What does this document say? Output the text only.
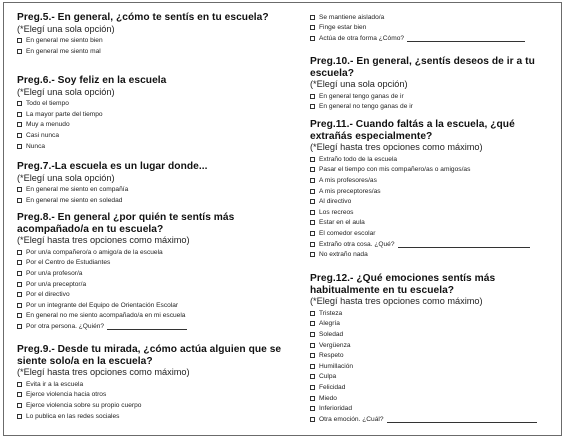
Preg.5.- En general, ¿cómo te sentís en tu escuela?

(*Elegí una sola opción)

En general me siento bien
En general me siento mal

Preg.6.- Soy feliz en la escuela

(*Elegí una sola opción)

Todo el tiempo
La mayor parte del tiempo
Muy a menudo
Casi nunca
Nunca

Preg.7.-La escuela es un lugar donde...

(*Elegí una sola opción)

En general me siento en compañía
En general me siento en soledad

Preg.8.- En general ¿por quién te sentís más acompañado/a en tu escuela?

(*Elegí hasta tres opciones como máximo)

Por un/a compañero/a o amigo/a de la escuela
Por el Centro de Estudiantes
Por un/a profesor/a
Por un/a preceptor/a
Por el directivo
Por un integrante del Equipo de Orientación Escolar
En general no me siento acompañado/a en mi escuela
Por otra persona. ¿Quién?

Preg.9.- Desde tu mirada, ¿cómo actúa alguien que se siente solo/a en la escuela?

(*Elegí hasta tres opciones como máximo)

Evita ir a la escuela
Ejerce violencia hacia otros
Ejerce violencia sobre su propio cuerpo
Lo publica en las redes sociales
Se mantiene aislado/a
Finge estar bien
Actúa de otra forma ¿Cómo?

Preg.10.- En general, ¿sentís deseos de ir a tu escuela?

(*Elegí una sola opción)

En general tengo ganas de ir
En general no tengo ganas de ir

Preg.11.- Cuando faltás a la escuela, ¿qué extrañás especialmente?

(*Elegí hasta tres opciones como máximo)

Extraño todo de la escuela
Pasar el tiempo con mis compañero/as o amigos/as
A mis profesores/as
A mis preceptores/as
Al directivo
Los recreos
Estar en el aula
El comedor escolar
Extraño otra cosa. ¿Qué?
No extraño nada

Preg.12.- ¿Qué emociones sentís más habitualmente en tu escuela?

(*Elegí hasta tres opciones como máximo)

Tristeza
Alegría
Soledad
Vergüenza
Respeto
Humillación
Culpa
Felicidad
Miedo
Inferioridad
Otra emoción. ¿Cuál?
